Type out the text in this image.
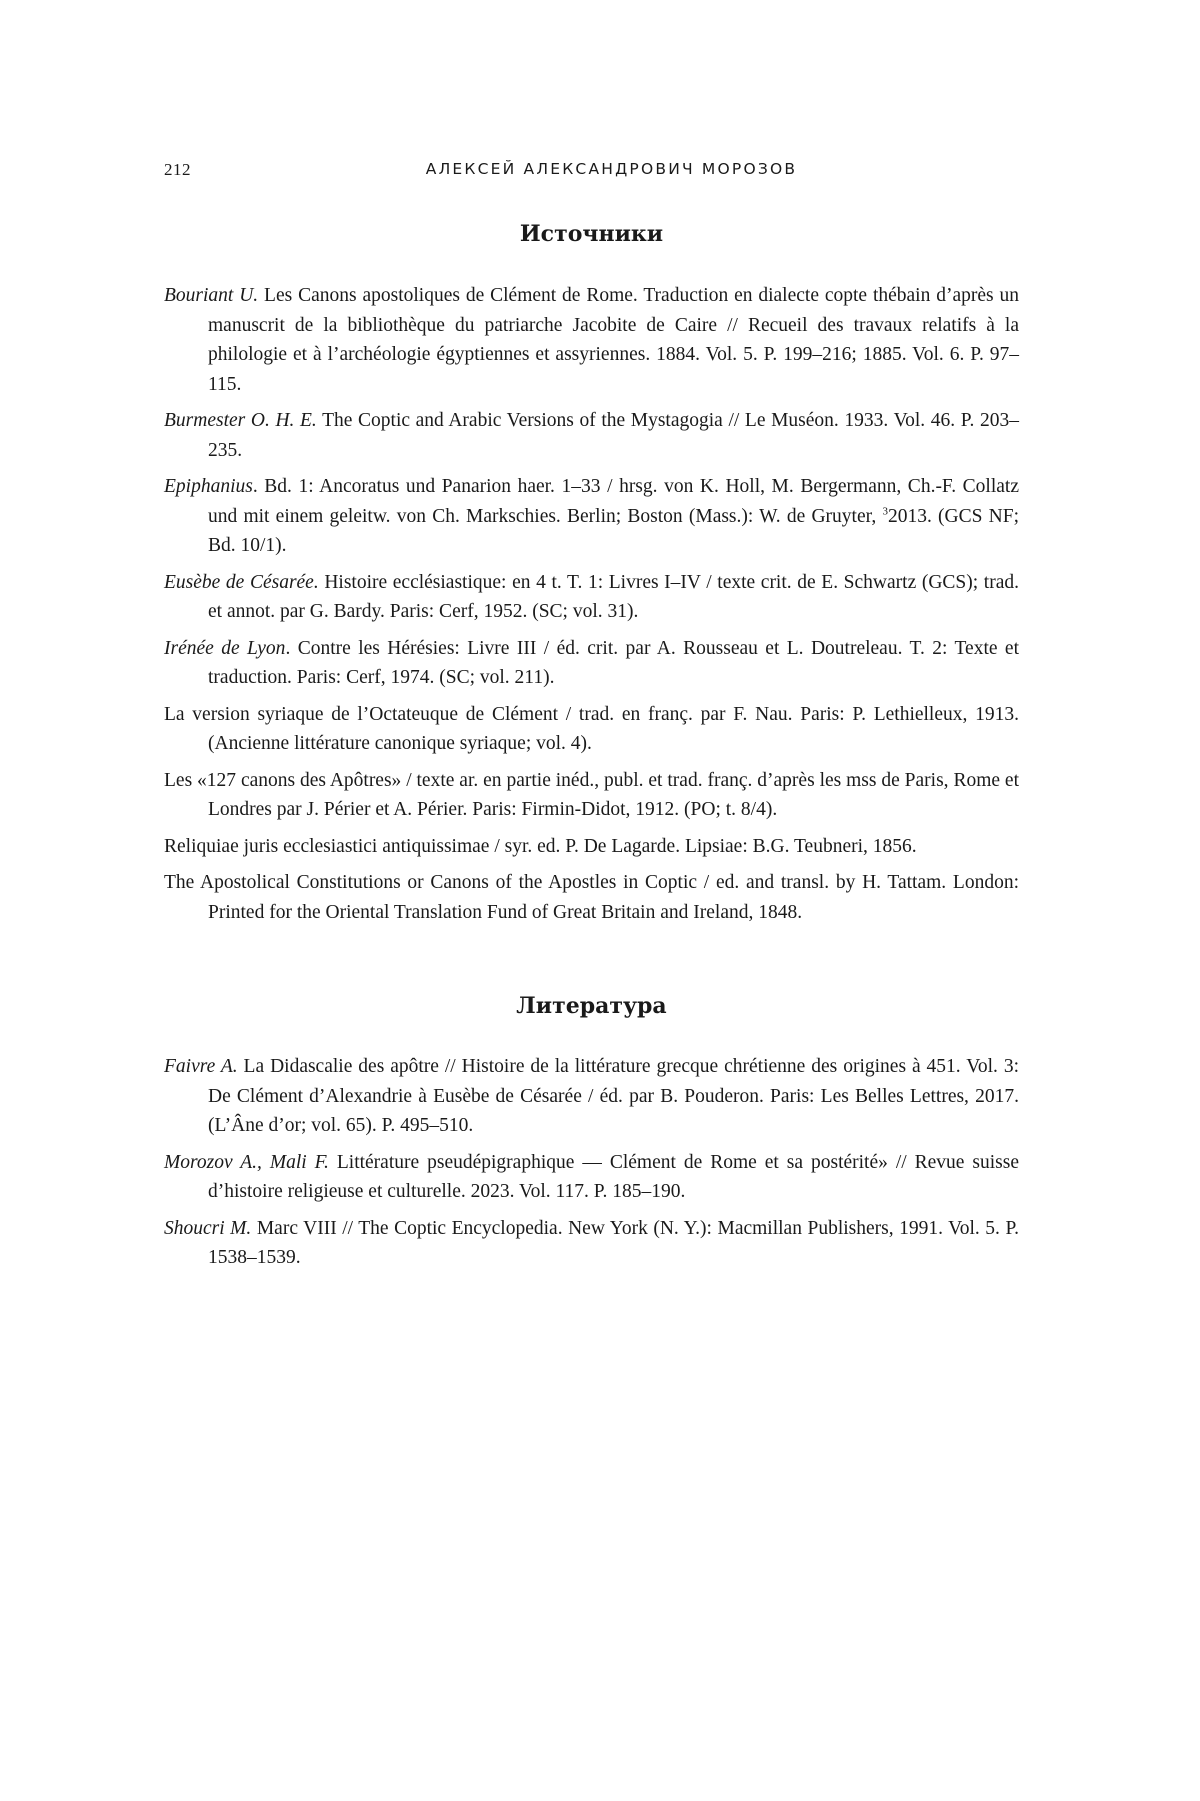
212	АЛЕКСЕЙ АЛЕКСАНДРОВИЧ МОРОЗОВ
Источники
Bouriant U. Les Canons apostoliques de Clément de Rome. Traduction en dialecte copte thébain d’après un manuscrit de la bibliothèque du patriarche Jacobite de Caire // Recueil des travaux relatifs à la philologie et à l’archéologie égyptiennes et assyriennes. 1884. Vol. 5. P. 199–216; 1885. Vol. 6. P. 97–115.
Burmester O. H. E. The Coptic and Arabic Versions of the Mystagogia // Le Muséon. 1933. Vol. 46. P. 203–235.
Epiphanius. Bd. 1: Ancoratus und Panarion haer. 1–33 / hrsg. von K. Holl, M. Bergermann, Ch.-F. Collatz und mit einem geleitw. von Ch. Markschies. Berlin; Boston (Mass.): W. de Gruyter, $^3$2013. (GCS NF; Bd. 10/1).
Eusèbe de Césarée. Histoire ecclésiastique: en 4 t. T. 1: Livres I–IV / texte crit. de E. Schwartz (GCS); trad. et annot. par G. Bardy. Paris: Cerf, 1952. (SC; vol. 31).
Irénée de Lyon. Contre les Hérésies: Livre III / éd. crit. par A. Rousseau et L. Doutreleau. T. 2: Texte et traduction. Paris: Cerf, 1974. (SC; vol. 211).
La version syriaque de l’Octateuque de Clément / trad. en franç. par F. Nau. Paris: P. Lethielleux, 1913. (Ancienne littérature canonique syriaque; vol. 4).
Les «127 canons des Apôtres» / texte ar. en partie inéd., publ. et trad. franç. d’après les mss de Paris, Rome et Londres par J. Périer et A. Périer. Paris: Firmin-Didot, 1912. (PO; t. 8/4).
Reliquiae juris ecclesiastici antiquissimae / syr. ed. P. De Lagarde. Lipsiae: B.G. Teubneri, 1856.
The Apostolical Constitutions or Canons of the Apostles in Coptic / ed. and transl. by H. Tattam. London: Printed for the Oriental Translation Fund of Great Britain and Ireland, 1848.
Литература
Faivre A. La Didascalie des apôtre // Histoire de la littérature grecque chrétienne des origines à 451. Vol. 3: De Clément d’Alexandrie à Eusèbe de Césarée / éd. par B. Pouderon. Paris: Les Belles Lettres, 2017. (L’Âne d’or; vol. 65). P. 495–510.
Morozov A., Mali F. Littérature pseudépigraphique — Clément de Rome et sa postérité» // Revue suisse d’histoire religieuse et culturelle. 2023. Vol. 117. P. 185–190.
Shoucri M. Marc VIII // The Coptic Encyclopedia. New York (N. Y.): Macmillan Publishers, 1991. Vol. 5. P. 1538–1539.
